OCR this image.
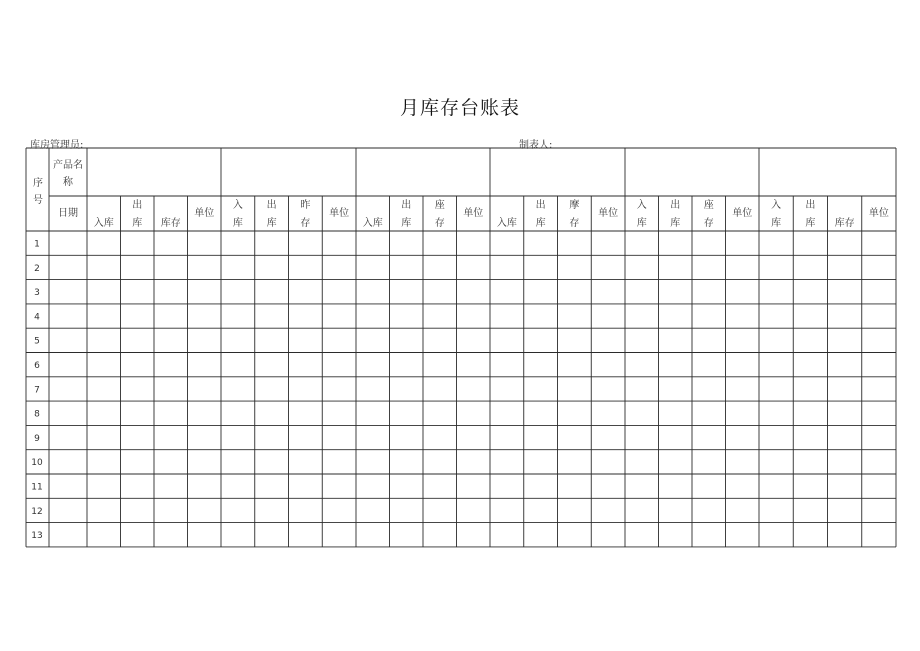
月库存台账表
库房管理员:	制表人:
1
2
3
4
5
6
7
8
9
10
11
12
13
序
号
产品名
称
日期
入库
出
库 库存
单位
入
库
出
库
昨
存
单位
入库
出
库
座
存
单位
入库
出
库
摩
存
单位
入
库
出
库
座
存
单位
入
库
出
库 库存
单位
